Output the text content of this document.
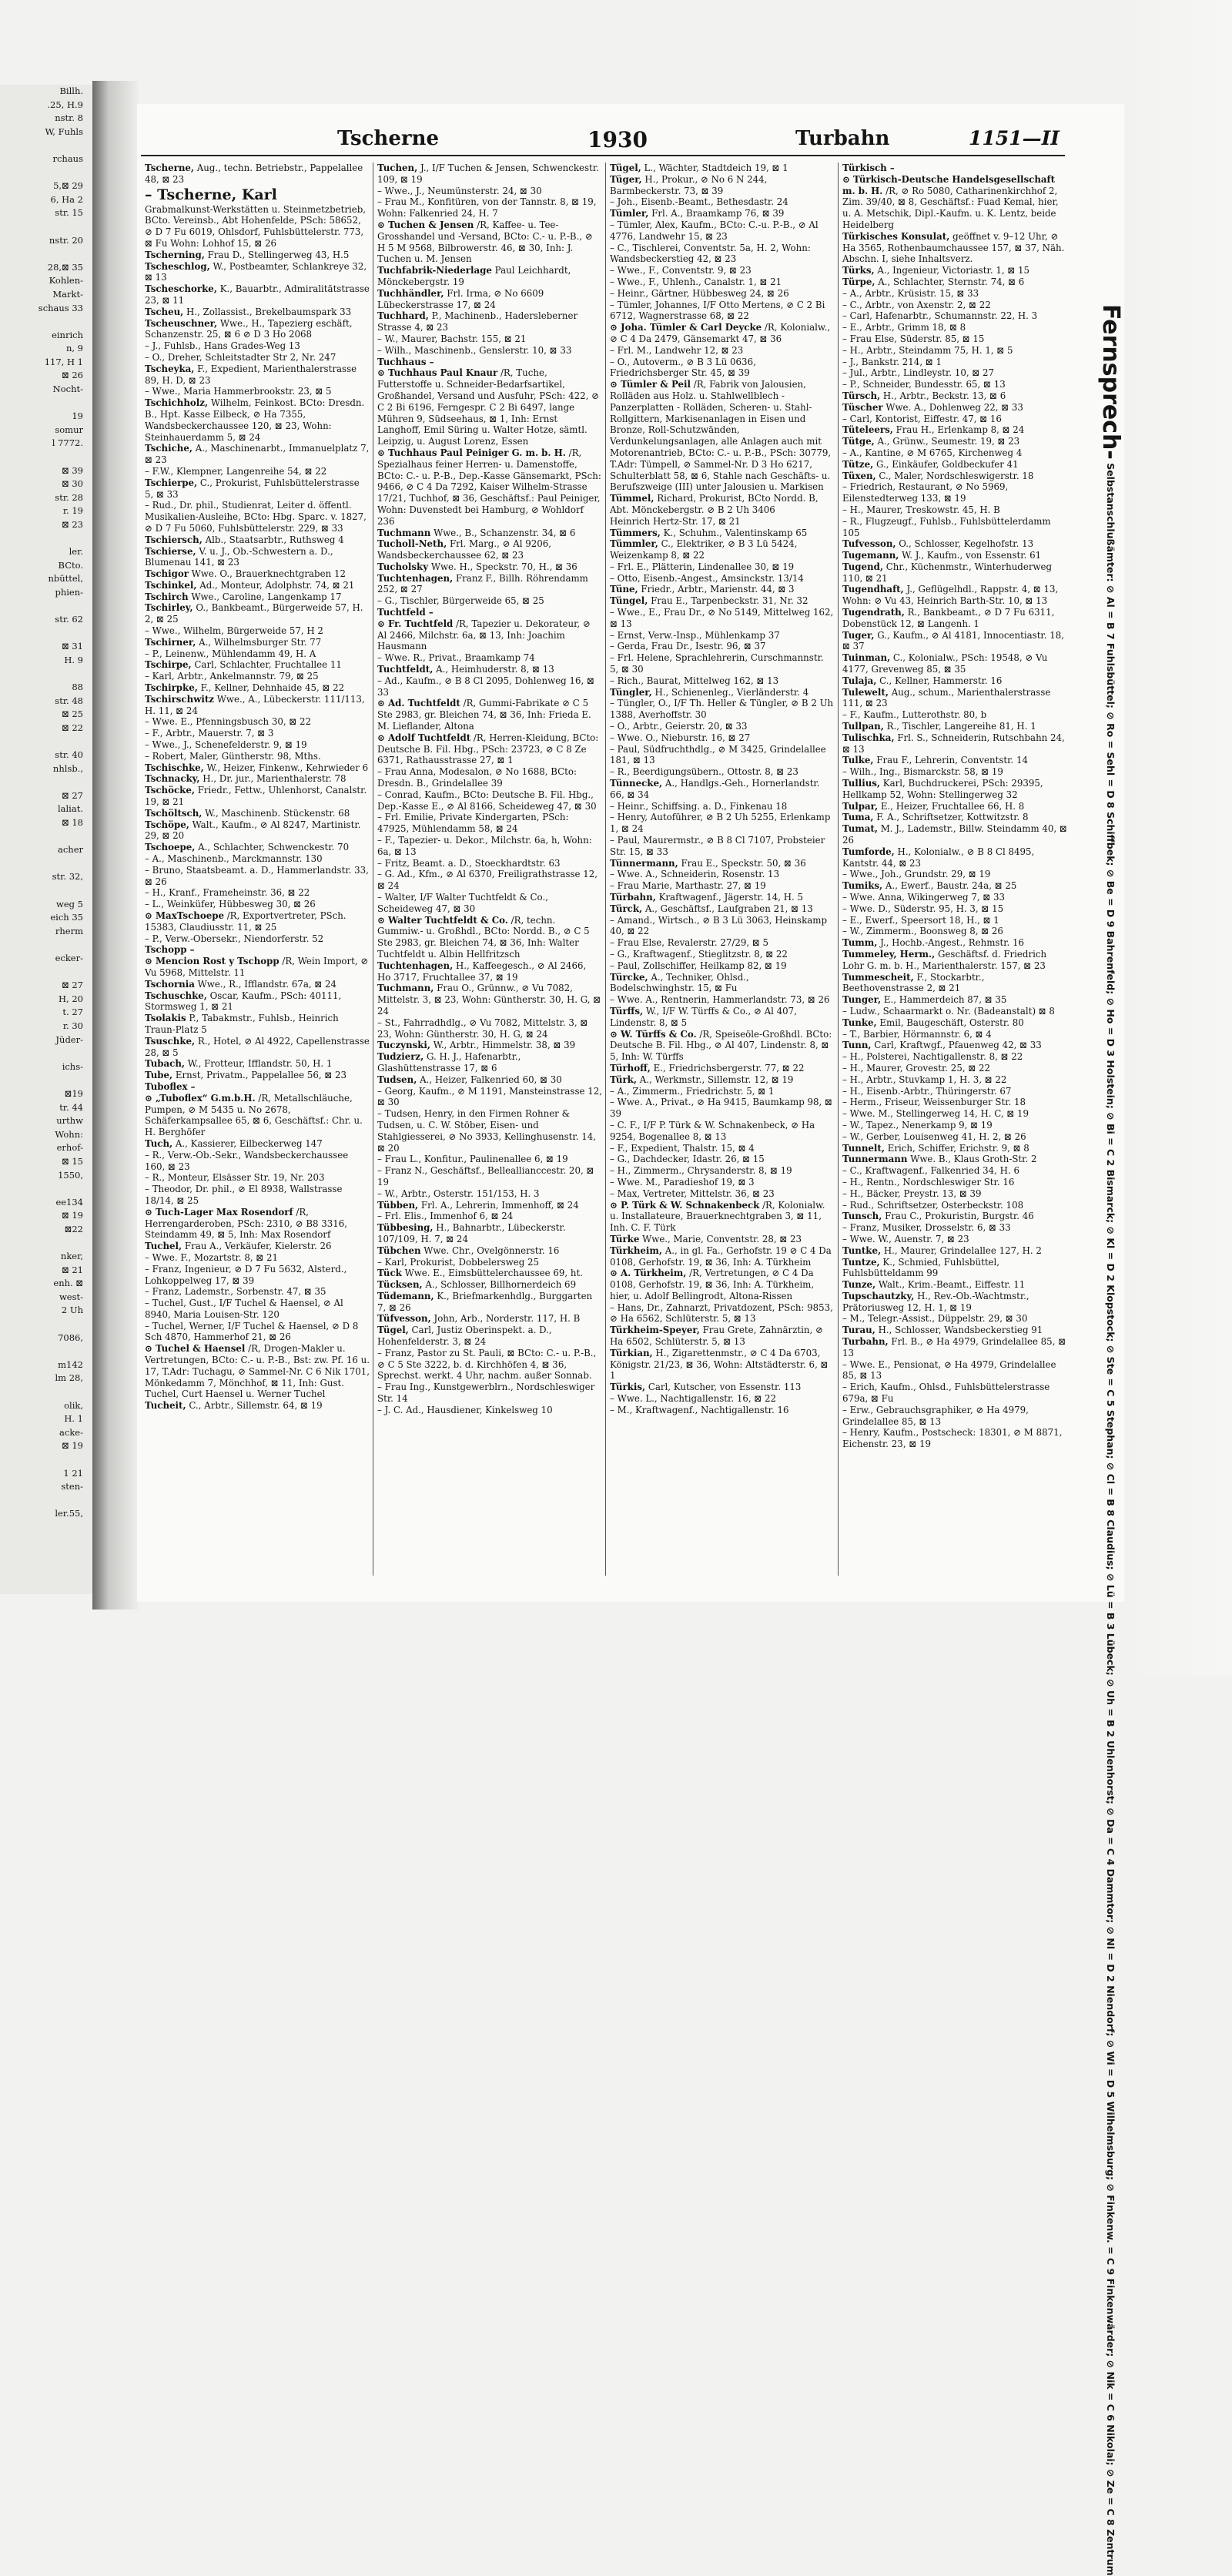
Billh.
.25, H.9
nstr. 8
W, Fuhls

rchaus

5,⊠ 29
6, Ha 2
str. 15

nstr. 20

28,⊠ 35
Kohlen-
Markt-
schaus 33

einrich
n, 9
117, H 1
⊠ 26
Nocht-

19
somur
l 7772.

⊠ 39
⊠ 30
str. 28
r. 19
⊠ 23

ler.
BCto.
nbüttel,
phien-

str. 62

⊠ 31
H. 9

88
str. 48
⊠ 25
⊠ 22

str. 40
nhlsb.,

⊠ 27
laliat.
⊠ 18

acher

str. 32,

weg 5
eich 35
rherm

ecker-

⊠ 27
H, 20
t. 27
r. 30
Jüder-

ichs-

⊠19
tr. 44
urthw
Wohn:
erhof-
⊠ 15
1550,

ee134
⊠ 19
⊠22

nker,
⊠ 21
enh. ⊠
west-
2 Uh

7086,

m142
lm 28,

olik,
H. 1
acke-
⊠ 19

1 21
sten-

ler.55,
Tscherne	1930	Turbahn	1151—II

Tscherne, Aug., techn. Betriebstr., Pappelallee 48, ⊠ 23

– Tscherne, Karl

Grabmalkunst-Werkstätten u. Steinmetzbetrieb, BCto. Vereinsb., Abt Hohenfelde, PSch: 58652, ⊘ D 7 Fu 6019, Ohlsdorf, Fuhlsbüttelerstr. 773, ⊠ Fu Wohn: Lohhof 15, ⊠ 26

Tscherning, Frau D., Stellingerweg 43, H.5

Tscheschlog, W., Postbeamter, Schlankreye 32, ⊠ 13

Tscheschorke, K., Bauarbtr., Admiralitätstrasse 23, ⊠ 11

Tscheu, H., Zollassist., Brekelbaumspark 33

Tscheuschner, Wwe., H., Tapezierg eschäft, Schanzenstr. 25, ⊠ 6 ⊘ D 3 Ho 2068

– J., Fuhlsb., Hans Grades-Weg 13

– O., Dreher, Schleitstadter Str 2, Nr. 247

Tscheyka, F., Expedient, Marienthalerstrasse 89, H. D, ⊠ 23

– Wwe., Maria Hammerbrookstr. 23, ⊠ 5

Tschichholz, Wilhelm, Feinkost. BCto: Dresdn. B., Hpt. Kasse Eilbeck, ⊘ Ha 7355, Wandsbeckerchaussee 120, ⊠ 23, Wohn: Steinhauerdamm 5, ⊠ 24

Tschiche, A., Maschinenarbt., Immanuelplatz 7, ⊠ 23

– F.W., Klempner, Langenreihe 54, ⊠ 22

Tschierpe, C., Prokurist, Fuhlsbüttelerstrasse 5, ⊠ 33

– Rud., Dr. phil., Studienrat, Leiter d. öffentl. Musikalien-Ausleihe, BCto: Hbg. Sparc. v. 1827, ⊘ D 7 Fu 5060, Fuhlsbüttelerstr. 229, ⊠ 33

Tschiersch, Alb., Staatsarbtr., Ruthsweg 4

Tschierse, V. u. J., Ob.-Schwestern a. D., Blumenau 141, ⊠ 23

Tschigor Wwe. O., Brauerknechtgraben 12

Tschinkel, Ad., Monteur, Adolphstr. 74, ⊠ 21

Tschirch Wwe., Caroline, Langenkamp 17

Tschirley, O., Bankbeamt., Bürgerweide 57, H. 2, ⊠ 25

– Wwe., Wilhelm, Bürgerweide 57, H 2

Tschirner, A., Wilhelmsburger Str. 77

– P., Leinenw., Mühlendamm 49, H. A

Tschirpe, Carl, Schlachter, Fruchtallee 11

– Karl, Arbtr., Ankelmannstr. 79, ⊠ 25

Tschirpke, F., Kellner, Dehnhaide 45, ⊠ 22

Tschirschwitz Wwe., A., Lübeckerstr. 111/113, H. 11, ⊠ 24

– Wwe. E., Pfenningsbusch 30, ⊠ 22

– F., Arbtr., Mauerstr. 7, ⊠ 3

– Wwe., J., Schenefelderstr. 9, ⊠ 19

– Robert, Maler, Güntherstr. 98, Mths.

Tschischke, W., Heizer, Finkenw., Kehrwieder 6

Tschnacky, H., Dr. jur., Marienthalerstr. 78

Tschöcke, Friedr., Fettw., Uhlenhorst, Canalstr. 19, ⊠ 21

Tschöltsch, W., Maschinenb. Stückenstr. 68

Tschöpe, Walt., Kaufm., ⊘ Al 8247, Martinistr. 29, ⊠ 20

Tschoepe, A., Schlachter, Schwenckestr. 70

– A., Maschinenb., Marckmannstr. 130

– Bruno, Staatsbeamt. a. D., Hammerlandstr. 33, ⊠ 26

– H., Kranf., Frameheinstr. 36, ⊠ 22

– L., Weinküfer, Hübbesweg 30, ⊠ 26

⊙ MaxTschoepe /R, Exportvertreter, PSch. 15383, Claudiusstr. 11, ⊠ 25

– P., Verw.-Obersekr., Niendorferstr. 52

Tschopp –

⊙ Mencion Rost y Tschopp /R, Wein Import, ⊘ Vu 5968, Mittelstr. 11

Tschornia Wwe., R., Ifflandstr. 67a, ⊠ 24

Tschuschke, Oscar, Kaufm., PSch: 40111, Stormsweg 1, ⊠ 21

Tsolakis P., Tabakmstr., Fuhlsb., Heinrich Traun-Platz 5

Tsuschke, R., Hotel, ⊘ Al 4922, Capellenstrasse 28, ⊠ 5

Tubach, W., Frotteur, Ifflandstr. 50, H. 1

Tube, Ernst, Privatm., Pappelallee 56, ⊠ 23

Tuboflex –

⊙ „Tuboflex“ G.m.b.H. /R, Metallschläuche, Pumpen, ⊘ M 5435 u. No 2678, Schäferkampsallee 65, ⊠ 6, Geschäftsf.: Chr. u. H. Berghöfer

Tuch, A., Kassierer, Eilbeckerweg 147

– R., Verw.-Ob.-Sekr., Wandsbeckerchaussee 160, ⊠ 23

– R., Monteur, Elsässer Str. 19, Nr. 203

– Theodor, Dr. phil., ⊘ El 8938, Wallstrasse 18/14, ⊠ 25

⊙ Tuch-Lager Max Rosendorf /R, Herrengarderoben, PSch: 2310, ⊘ B8 3316, Steindamm 49, ⊠ 5, Inh: Max Rosendorf

Tuchel, Frau A., Verkäufer, Kielerstr. 26

– Wwe. F., Mozartstr. 8, ⊠ 21

– Franz, Ingenieur, ⊘ D 7 Fu 5632, Alsterd., Lohkoppelweg 17, ⊠ 39

– Franz, Lademstr., Sorbenstr. 47, ⊠ 35

– Tuchel, Gust., I/F Tuchel & Haensel, ⊘ Al 8940, Maria Louisen-Str. 120

– Tuchel, Werner, I/F Tuchel & Haensel, ⊘ D 8 Sch 4870, Hammerhof 21, ⊠ 26

⊙ Tuchel & Haensel /R, Drogen-Makler u. Vertretungen, BCto: C.- u. P.-B., Bst: zw. Pf. 16 u. 17, T.Adr: Tuchagu, ⊘ Sammel-Nr. C 6 Nik 1701, Mönkedamm 7, Mönchhof, ⊠ 11, Inh: Gust. Tuchel, Curt Haensel u. Werner Tuchel

Tucheit, C., Arbtr., Sillemstr. 64, ⊠ 19

Tuchen, J., I/F Tuchen & Jensen, Schwenckestr. 109, ⊠ 19

– Wwe., J., Neumünsterstr. 24, ⊠ 30

– Frau M., Konfitüren, von der Tannstr. 8, ⊠ 19, Wohn: Falkenried 24, H. 7

⊙ Tuchen & Jensen /R, Kaffee- u. Tee-Grosshandel und -Versand, BCto: C.- u. P.-B., ⊘ H 5 M 9568, Bilbrowerstr. 46, ⊠ 30, Inh: J. Tuchen u. M. Jensen

Tuchfabrik-Niederlage Paul Leichhardt, Mönckebergstr. 19

Tuchhändler, Frl. Irma, ⊘ No 6609 Lübeckerstrasse 17, ⊠ 24

Tuchhard, P., Machinenb., Hadersleberner Strasse 4, ⊠ 23

– W., Maurer, Bachstr. 155, ⊠ 21

– Wilh., Maschinenb., Genslerstr. 10, ⊠ 33

Tuchhaus –

⊙ Tuchhaus Paul Knaur /R, Tuche, Futterstoffe u. Schneider-Bedarfsartikel, Großhandel, Versand und Ausfuhr, PSch: 422, ⊘ C 2 Bi 6196, Ferngespr. C 2 Bi 6497, lange Mühren 9, Südseehaus, ⊠ 1, Inh: Ernst Langhoff, Emil Süring u. Walter Hotze, sämtl. Leipzig, u. August Lorenz, Essen

⊙ Tuchhaus Paul Peiniger G. m. b. H. /R, Spezialhaus feiner Herren- u. Damenstoffe, BCto: C.- u. P.-B., Dep.-Kasse Gänsemarkt, PSch: 9466, ⊘ C 4 Da 7292, Kaiser Wilhelm-Strasse 17/21, Tuchhof, ⊠ 36, Geschäftsf.: Paul Peiniger, Wohn: Duvenstedt bei Hamburg, ⊘ Wohldorf 236

Tuchmann Wwe., B., Schanzenstr. 34, ⊠ 6

Tucholl-Neth, Frl. Marg., ⊘ Al 9206, Wandsbeckerchaussee 62, ⊠ 23

Tucholsky Wwe. H., Speckstr. 70, H., ⊠ 36

Tuchtenhagen, Franz F., Billh. Röhrendamm 252, ⊠ 27

– G., Tischler, Bürgerweide 65, ⊠ 25

Tuchtfeld –

⊙ Fr. Tuchtfeld /R, Tapezier u. Dekorateur, ⊘ Al 2466, Milchstr. 6a, ⊠ 13, Inh: Joachim Hausmann

– Wwe. R., Privat., Braamkamp 74

Tuchtfeldt, A., Heimhuderstr. 8, ⊠ 13

– Ad., Kaufm., ⊘ B 8 Cl 2095, Dohlenweg 16, ⊠ 33

⊙ Ad. Tuchtfeldt /R, Gummi-Fabrikate ⊘ C 5 Ste 2983, gr. Bleichen 74, ⊠ 36, Inh: Frieda E. M. Lieflander, Altona

⊙ Adolf Tuchtfeldt /R, Herren-Kleidung, BCto: Deutsche B. Fil. Hbg., PSch: 23723, ⊘ C 8 Ze 6371, Rathausstrasse 27, ⊠ 1

– Frau Anna, Modesalon, ⊘ No 1688, BCto: Dresdn. B., Grindelallee 39

– Conrad, Kaufm., BCto: Deutsche B. Fil. Hbg., Dep.-Kasse E., ⊘ Al 8166, Scheideweg 47, ⊠ 30

– Frl. Emilie, Private Kindergarten, PSch: 47925, Mühlendamm 58, ⊠ 24

– F., Tapezier- u. Dekor., Milchstr. 6a, h, Wohn: 6a, ⊠ 13

– Fritz, Beamt. a. D., Stoeckhardtstr. 63

– G. Ad., Kfm., ⊘ Al 6370, Freiligrathstrasse 12, ⊠ 24

– Walter, I/F Walter Tuchtfeldt & Co., Scheideweg 47, ⊠ 30

⊙ Walter Tuchtfeldt & Co. /R, techn. Gummiw.- u. Großhdl., BCto: Nordd. B., ⊘ C 5 Ste 2983, gr. Bleichen 74, ⊠ 36, Inh: Walter Tuchtfeldt u. Albin Hellfritzsch

Tuchtenhagen, H., Kaffeegesch., ⊘ Al 2466, Ho 3717, Fruchtallee 37, ⊠ 19

Tuchmann, Frau O., Grünnw., ⊘ Vu 7082, Mittelstr. 3, ⊠ 23, Wohn: Güntherstr. 30, H. G, ⊠ 24

– St., Fahrradhdlg., ⊘ Vu 7082, Mittelstr. 3, ⊠ 23, Wohn: Güntherstr. 30, H. G, ⊠ 24

Tuczynski, W., Arbtr., Himmelstr. 38, ⊠ 39

Tudzierz, G. H. J., Hafenarbtr., Glashüttenstrasse 17, ⊠ 6

Tudsen, A., Heizer, Falkenried 60, ⊠ 30

– Georg, Kaufm., ⊘ M 1191, Mansteinstrasse 12, ⊠ 30

– Tudsen, Henry, in den Firmen Rohner & Tudsen, u. C. W. Stöber, Eisen- und Stahlgiesserei, ⊘ No 3933, Kellinghusenstr. 14, ⊠ 20

– Frau L., Konfitur., Paulinenallee 6, ⊠ 19

– Franz N., Geschäftsf., Belleallianccestr. 20, ⊠ 19

– W., Arbtr., Osterstr. 151/153, H. 3

Tübben, Frl. A., Lehrerin, Immenhoff, ⊠ 24

– Frl. Elis., Immenhof 6, ⊠ 24

Tübbesing, H., Bahnarbtr., Lübeckerstr. 107/109, H. 7, ⊠ 24

Tübchen Wwe. Chr., Ovelgönnerstr. 16

– Karl, Prokurist, Dobbelersweg 25

Tück Wwe. E., Eimsbüttelerchaussee 69, ht.

Tücksen, A., Schlosser, Billhornerdeich 69

Tüdemann, K., Briefmarkenhdlg., Burggarten 7, ⊠ 26

Tüfvesson, John, Arb., Norderstr. 117, H. B

Tügel, Carl, Justiz Oberinspekt. a. D., Hohenfelderstr. 3, ⊠ 24

– Franz, Pastor zu St. Pauli, ⊠ BCto: C.- u. P.-B., ⊘ C 5 Ste 3222, b. d. Kirchhöfen 4, ⊠ 36, Sprechst. werkt. 4 Uhr, nachm. außer Sonnab.

– Frau Ing., Kunstgewerblrn., Nordschleswiger Str. 14

– J. C. Ad., Hausdiener, Kinkelsweg 10

Tügel, L., Wächter, Stadtdeich 19, ⊠ 1

Tüger, H., Prokur., ⊘ No 6 N 244, Barmbeckerstr. 73, ⊠ 39

– Joh., Eisenb.-Beamt., Bethesdastr. 24

Tümler, Frl. A., Braamkamp 76, ⊠ 39

– Tümler, Alex, Kaufm., BCto: C.-u. P.-B., ⊘ Al 4776, Landwehr 15, ⊠ 23

– C., Tischlerei, Conventstr. 5a, H. 2, Wohn: Wandsbeckerstieg 42, ⊠ 23

– Wwe., F., Conventstr. 9, ⊠ 23

– Wwe., F., Uhlenh., Canalstr. 1, ⊠ 21

– Heinr., Gärtner, Hübbesweg 24, ⊠ 26

– Tümler, Johannes, I/F Otto Mertens, ⊘ C 2 Bi 6712, Wagnerstrasse 68, ⊠ 22

⊙ Joha. Tümler & Carl Deycke /R, Kolonialw., ⊘ C 4 Da 2479, Gänsemarkt 47, ⊠ 36

– Frl. M., Landwehr 12, ⊠ 23

– O., Autoverm., ⊘ B 3 Lü 0636, Friedrichsberger Str. 45, ⊠ 39

⊙ Tümler & Peil /R, Fabrik von Jalousien, Rolläden aus Holz. u. Stahlwellblech - Panzerplatten - Rolläden, Scheren- u. Stahl-Rollgittern, Markisenanlagen in Eisen und Bronze, Roll-Schutzwänden, Verdunkelungsanlagen, alle Anlagen auch mit Motorenantrieb, BCto: C.- u. P.-B., PSch: 30779, T.Adr: Tümpell, ⊘ Sammel-Nr. D 3 Ho 6217, Schulterblatt 58, ⊠ 6, Stahle nach Geschäfts- u. Berufszweige (III) unter Jalousien u. Markisen

Tümmel, Richard, Prokurist, BCto Nordd. B, Abt. Mönckebergstr. ⊘ B 2 Uh 3406

Heinrich Hertz-Str. 17, ⊠ 21

Tümmers, K., Schuhm., Valentinskamp 65

Tümmler, C., Elektriker, ⊘ B 3 Lü 5424, Weizenkamp 8, ⊠ 22

– Frl. E., Plätterin, Lindenallee 30, ⊠ 19

– Otto, Eisenb.-Angest., Amsinckstr. 13/14

Tüne, Friedr., Arbtr., Marienstr. 44, ⊠ 3

Tüngel, Frau E., Tarpenbeckstr. 31, Nr. 32

– Wwe., E., Frau Dr., ⊘ No 5149, Mittelweg 162, ⊠ 13

– Ernst, Verw.-Insp., Mühlenkamp 37

– Gerda, Frau Dr., Isestr. 96, ⊠ 37

– Frl. Helene, Sprachlehrerin, Curschmannstr. 5, ⊠ 30

– Rich., Baurat, Mittelweg 162, ⊠ 13

Tüngler, H., Schienenleg., Vierländerstr. 4

– Tüngler, O., I/F Th. Heller & Tüngler, ⊘ B 2 Uh 1388, Averhoffstr. 30

– O., Arbtr., Geierstr. 20, ⊠ 33

– Wwe. O., Nieburstr. 16, ⊠ 27

– Paul, Südfruchthdlg., ⊘ M 3425, Grindelallee 181, ⊠ 13

– R., Beerdigungsübern., Ottostr. 8, ⊠ 23

Tünnecke, A., Handlgs.-Geh., Hornerlandstr. 66, ⊠ 34

– Heinr., Schiffsing. a. D., Finkenau 18

– Henry, Autoführer, ⊘ B 2 Uh 5255, Erlenkamp 1, ⊠ 24

– Paul, Maurermstr., ⊘ B 8 Cl 7107, Probsteier Str. 15, ⊠ 33

Tünnermann, Frau E., Speckstr. 50, ⊠ 36

– Wwe. A., Schneiderin, Rosenstr. 13

– Frau Marie, Marthastr. 27, ⊠ 19

Türbahn, Kraftwagenf., Jägerstr. 14, H. 5

Türck, A., Geschäftsf., Laufgraben 21, ⊠ 13

– Amand., Wirtsch., ⊘ B 3 Lü 3063, Heinskamp 40, ⊠ 22

– Frau Else, Revalerstr. 27/29, ⊠ 5

– G., Kraftwagenf., Stieglitzstr. 8, ⊠ 22

– Paul, Zollschiffer, Heilkamp 82, ⊠ 19

Türcke, A., Techniker, Ohlsd., Bodelschwinghstr. 15, ⊠ Fu

– Wwe. A., Rentnerin, Hammerlandstr. 73, ⊠ 26

Türffs, W., I/F W. Türffs & Co., ⊘ Al 407, Lindenstr. 8, ⊠ 5

⊙ W. Türffs & Co. /R, Speiseöle-Großhdl. BCto: Deutsche B. Fil. Hbg., ⊘ Al 407, Lindenstr. 8, ⊠ 5, Inh: W. Türffs

Türhoff, E., Friedrichsbergerstr. 77, ⊠ 22

Türk, A., Werkmstr., Sillemstr. 12, ⊠ 19

– A., Zimmerm., Friedrichstr. 5, ⊠ 1

– Wwe. A., Privat., ⊘ Ha 9415, Baumkamp 98, ⊠ 39

– C. F., I/F P. Türk & W. Schnakenbeck, ⊘ Ha 9254, Bogenallee 8, ⊠ 13

– F., Expedient, Thalstr. 15, ⊠ 4

– G., Dachdecker, Idastr. 26, ⊠ 15

– H., Zimmerm., Chrysanderstr. 8, ⊠ 19

– Wwe. M., Paradieshof 19, ⊠ 3

– Max, Vertreter, Mittelstr. 36, ⊠ 23

⊙ P. Türk & W. Schnakenbeck /R, Kolonialw. u. Installateure, Brauerknechtgraben 3, ⊠ 11, Inh. C. F. Türk

Türke Wwe., Marie, Conventstr. 28, ⊠ 23

Türkheim, A., in gl. Fa., Gerhofstr. 19 ⊘ C 4 Da 0108, Gerhofstr. 19, ⊠ 36, Inh: A. Türkheim

⊙ A. Türkheim, /R, Vertretungen, ⊘ C 4 Da 0108, Gerhofstr. 19, ⊠ 36, Inh: A. Türkheim, hier, u. Adolf Bellingrodt, Altona-Rissen

– Hans, Dr., Zahnarzt, Privatdozent, PSch: 9853, ⊘ Ha 6562, Schlüterstr. 5, ⊠ 13

Türkheim-Speyer, Frau Grete, Zahnärztin, ⊘ Ha 6502, Schlüterstr. 5, ⊠ 13

Türkian, H., Zigarettenmstr., ⊘ C 4 Da 6703, Königstr. 21/23, ⊠ 36, Wohn: Altstädterstr. 6, ⊠ 1

Türkis, Carl, Kutscher, von Essenstr. 113

– Wwe. L., Nachtigallenstr. 16, ⊠ 22

– M., Kraftwagenf., Nachtigallenstr. 16

Türkisch –

⊙ Türkisch-Deutsche Handelsgesellschaft m. b. H. /R, ⊘ Ro 5080, Catharinenkirchhof 2, Zim. 39/40, ⊠ 8, Geschäftsf.: Fuad Kemal, hier, u. A. Metschik, Dipl.-Kaufm. u. K. Lentz, beide Heidelberg

Türkisches Konsulat, geöffnet v. 9–12 Uhr, ⊘ Ha 3565, Rothenbaumchaussee 157, ⊠ 37, Näh. Abschn. I, siehe Inhaltsverz.

Türks, A., Ingenieur, Victoriastr. 1, ⊠ 15

Türpe, A., Schlachter, Sternstr. 74, ⊠ 6

– A., Arbtr., Krüsistr. 15, ⊠ 33

– C., Arbtr., von Axenstr. 2, ⊠ 22

– Carl, Hafenarbtr., Schumannstr. 22, H. 3

– E., Arbtr., Grimm 18, ⊠ 8

– Frau Else, Süderstr. 85, ⊠ 15

– H., Arbtr., Steindamm 75, H. 1, ⊠ 5

– J., Bankstr. 214, ⊠ 1

– Jul., Arbtr., Lindleystr. 10, ⊠ 27

– P., Schneider, Bundesstr. 65, ⊠ 13

Türsch, H., Arbtr., Beckstr. 13, ⊠ 6

Tüscher Wwe. A., Dohlenweg 22, ⊠ 33

– Carl, Kontorist, Eiffestr. 47, ⊠ 16

Tüteleers, Frau H., Erlenkamp 8, ⊠ 24

Tütge, A., Grünw., Seumestr. 19, ⊠ 23

– A., Kantine, ⊘ M 6765, Kirchenweg 4

Tütze, G., Einkäufer, Goldbeckufer 41

Tüxen, C., Maler, Nordschleswigerstr. 18

– Friedrich, Restaurant, ⊘ No 5969, Eilenstedterweg 133, ⊠ 19

– H., Maurer, Treskowstr. 45, H. B

– R., Flugzeugf., Fuhlsb., Fuhlsbüttelerdamm 105

Tufvesson, O., Schlosser, Kegelhofstr. 13

Tugemann, W. J., Kaufm., von Essenstr. 61

Tugend, Chr., Küchenmstr., Winterhuderweg 110, ⊠ 21

Tugendhaft, J., Geflügelhdl., Rappstr. 4, ⊠ 13, Wohn: ⊘ Vu 43, Heinrich Barth-Str. 10, ⊠ 13

Tugendrath, R., Bankbeamt., ⊘ D 7 Fu 6311, Dobenstück 12, ⊠ Langenh. 1

Tuger, G., Kaufm., ⊘ Al 4181, Innocentiastr. 18, ⊠ 37

Tuinman, C., Kolonialw., PSch: 19548, ⊘ Vu 4177, Grevenweg 85, ⊠ 35

Tulaja, C., Kellner, Hammerstr. 16

Tulewelt, Aug., schum., Marienthalerstrasse 111, ⊠ 23

– F., Kaufm., Lutterothstr. 80, b

Tullpan, R., Tischler, Langereihe 81, H. 1

Tulischka, Frl. S., Schneiderin, Rutschbahn 24, ⊠ 13

Tulke, Frau F., Lehrerin, Conventstr. 14

– Wilh., Ing., Bismarckstr. 58, ⊠ 19

Tullius, Karl, Buchdruckerei, PSch: 29395, Hellkamp 52, Wohn: Stellingerweg 32

Tulpar, E., Heizer, Fruchtallee 66, H. 8

Tuma, F. A., Schriftsetzer, Kottwitzstr. 8

Tumat, M. J., Lademstr., Billw. Steindamm 40, ⊠ 26

Tumforde, H., Kolonialw., ⊘ B 8 Cl 8495, Kantstr. 44, ⊠ 23

– Wwe., Joh., Grundstr. 29, ⊠ 19

Tumiks, A., Ewerf., Baustr. 24a, ⊠ 25

– Wwe. Anna, Wikingerweg 7, ⊠ 33

– Wwe. D., Süderstr. 95, H. 3, ⊠ 15

– E., Ewerf., Speersort 18, H., ⊠ 1

– W., Zimmerm., Boonsweg 8, ⊠ 26

Tumm, J., Hochb.-Angest., Rehmstr. 16

Tummeley, Herm., Geschäftsf. d. Friedrich Lohr G. m. b. H., Marienthalerstr. 157, ⊠ 23

Tummescheit, F., Stockarbtr., Beethovenstrasse 2, ⊠ 21

Tunger, E., Hammerdeich 87, ⊠ 35

– Ludw., Schaarmarkt o. Nr. (Badeanstalt) ⊠ 8

Tunke, Emil, Baugeschäft, Osterstr. 80

– T., Barbier, Hörmannstr. 6, ⊠ 4

Tunn, Carl, Kraftwgf., Pfauenweg 42, ⊠ 33

– H., Polsterei, Nachtigallenstr. 8, ⊠ 22

– H., Maurer, Grovestr. 25, ⊠ 22

– H., Arbtr., Stuvkamp 1, H. 3, ⊠ 22

– H., Eisenb.-Arbtr., Thüringerstr. 67

– Herm., Friseur, Weissenburger Str. 18

– Wwe. M., Stellingerweg 14, H. C, ⊠ 19

– W., Tapez., Nenerkamp 9, ⊠ 19

– W., Gerber, Louisenweg 41, H. 2, ⊠ 26

Tunnelt, Erich, Schiffer, Erichstr. 9, ⊠ 8

Tunnermann Wwe. B., Klaus Groth-Str. 2

– C., Kraftwagenf., Falkenried 34, H. 6

– H., Rentn., Nordschleswiger Str. 16

– H., Bäcker, Preystr. 13, ⊠ 39

– Rud., Schriftsetzer, Osterbeckstr. 108

Tunsch, Frau C., Prokuristin, Burgstr. 46

– Franz, Musiker, Drosselstr. 6, ⊠ 33

– Wwe. W., Auenstr. 7, ⊠ 23

Tuntke, H., Maurer, Grindelallee 127, H. 2

Tuntze, K., Schmied, Fuhlsbüttel, Fuhlsbütteldamm 99

Tunze, Walt., Krim.-Beamt., Eiffestr. 11

Tupschautzky, H., Rev.-Ob.-Wachtmstr., Prätoriusweg 12, H. 1, ⊠ 19

– M., Telegr.-Assist., Düppelstr. 29, ⊠ 30

Turau, H., Schlosser, Wandsbeckerstieg 91

Turbahn, Frl. B., ⊘ Ha 4979, Grindelallee 85, ⊠ 13

– Wwe. E., Pensionat, ⊘ Ha 4979, Grindelallee 85, ⊠ 13

– Erich, Kaufm., Ohlsd., Fuhlsbüttelerstrasse 679a, ⊠ Fu

– Erw., Gebrauchsgraphiker, ⊘ Ha 4979, Grindelallee 85, ⊠ 13

– Henry, Kaufm., Postscheck: 18301, ⊘ M 8871, Eichenstr. 23, ⊠ 19

Fernsprech- Selbstanschlußämter: ⊘ Al = B 7 Fuhlsbüttel; ⊘ Ro = Sehl = D 8 Schiffbek; ⊘ Be = D 9 Bahrenfeld; ⊘ Ho = D 3 Holstein; ⊘ Bi = C 2 Bismarck; ⊘ Kl = D 2 Klopstock; ⊘ Ste = C 5 Stephan; ⊘ Cl = B 8 Claudius; ⊘ Lü = B 3 Lübeck; ⊘ Uh = B 2 Uhlenhorst; ⊘ Da = C 4 Dammtor; ⊘ Nl = D 2 Niendorf; ⊘ Wi = D 5 Wilhelmsburg; ⊘ Finkenw. = C 9 Finkenwärder; ⊘ Nik = C 6 Nikolai; ⊘ Ze = C 8 Zentrum
